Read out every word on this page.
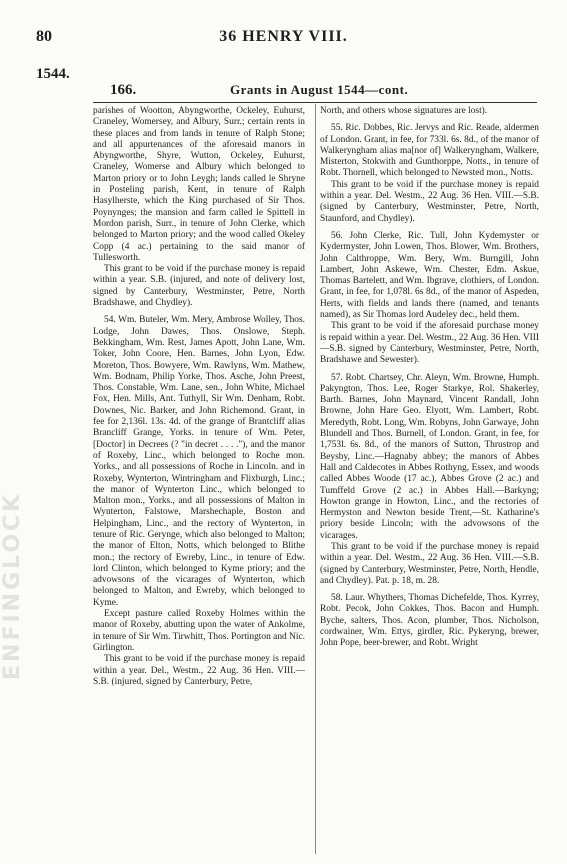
80	36 HENRY VIII.
1544.
166.	Grants in August 1544—cont.
ENFINGLOCK

parishes of Wootton, Abyngworthe, Ockeley, Euhurst, Craneley, Womersey, and Albury, Surr.; certain rents in these places and from lands in tenure of Ralph Stone; and all appurtenances of the aforesaid manors in Abyngworthe, Shyre, Wutton, Ockeley, Euhurst, Craneley, Womerse and Albury which belonged to Marton priory or to John Leygh; lands called le Shryne in Posteling parish, Kent, in tenure of Ralph Hasylherste, which the King purchased of Sir Thos. Poynynges; the mansion and farm called le Spittell in Mordon parish, Surr., in tenure of John Clerke, which belonged to Marton priory; and the wood called Okeley Copp (4 ac.) pertaining to the said manor of Tullesworth.

This grant to be void if the purchase money is repaid within a year. S.B. (injured, and note of delivery lost, signed by Canterbury, Westminster, Petre, North Bradshawe, and Chydley).

54. Wm. Buteler, Wm. Mery, Ambrose Wolley, Thos. Lodge, John Dawes, Thos. Onslowe, Steph. Bekkingham, Wm. Rest, James Apott, John Lane, Wm. Toker, John Coore, Hen. Barnes, John Lyon, Edw. Moreton, Thos. Bowyere, Wm. Rawlyns, Wm. Mathew, Wm. Bodnam, Philip Yorke, Thos. Asche, John Preest, Thos. Constable, Wm. Lane, sen., John White, Michael Fox, Hen. Mills, Ant. Tuthyll, Sir Wm. Denham, Robt. Downes, Nic. Barker, and John Richemond. Grant, in fee for 2,136l. 13s. 4d. of the grange of Brantcliff alias Brancliff Grange, Yorks. in tenure of Wm. Peter, [Doctor] in Decrees (? "in decret . . . ."), and the manor of Roxeby, Linc., which belonged to Roche mon. Yorks., and all possessions of Roche in Lincoln. and in Roxeby, Wynterton, Wintringham and Flixburgh, Linc.; the manor of Wynterton Linc., which belonged to Malton mon., Yorks., and all possessions of Malton in Wynterton, Falstowe, Marshechaple, Boston and Helpingham, Linc., and the rectory of Wynterton, in tenure of Ric. Geryngе, which also belonged to Malton; the manor of Elton, Notts, which belonged to Blithe mon.; the rectory of Ewreby, Linc., in tenure of Edw. lord Clinton, which belonged to Kyme priory; and the advowsons of the vicarages of Wynterton, which belonged to Malton, and Ewreby, which belonged to Kyme.

Except pasture called Roxeby Holmes within the manor of Roxeby, abutting upon the water of Ankolme, in tenure of Sir Wm. Tirwhitt, Thos. Portington and Nic. Girlington.

This grant to be void if the purchase money is repaid within a year. Del., Westm., 22 Aug. 36 Hen. VIII.—S.B. (injured, signed by Canterbury, Petre,

North, and others whose signatures are lost).

55. Ric. Dobbes, Ric. Jervys and Ric. Reade, aldermen of London. Grant, in fee, for 733l. 6s. 8d., of the manor of Walkeryngham alias ma[nor of] Walkeryngham, Walkere, Misterton, Stokwith and Gunthorppe, Notts., in tenure of Robt. Thornell, which belonged to Newsted mon., Notts.

This grant to be void if the purchase money is repaid within a year. Del. Westm., 22 Aug. 36 Hen. VIII.—S.B. (signed by Canterbury, Westminster, Petre, North, Staunford, and Chydley).

56. John Clerke, Ric. Tull, John Kydemyster or Kydermyster, John Lowen, Thos. Blower, Wm. Brothers, John Calthroppe, Wm. Bery, Wm. Burngill, John Lambert, John Askewe, Wm. Chester, Edm. Askue, Thomas Bartelett, and Wm. Ibgrave, clothiers, of London. Grant, in fee, for 1,078l. 6s 8d., of the manor of Aspeden, Herts, with fields and lands there (named, and tenants named), as Sir Thomas lord Audeley dec., held them.

This grant to be void if the aforesaid purchase money is repaid within a year. Del. Westm., 22 Aug. 36 Hen. VIII—S.B. signed by Canterbury, Westminster, Petre, North, Bradshawe and Sewester).

57. Robt. Chartsey, Chr. Aleyn, Wm. Browne, Humph. Pakyngton, Thos. Lee, Roger Starkye, Rol. Shakerley, Barth. Barnes, John Maynard, Vincent Randall, John Browne, John Hare Geo. Elyott, Wm. Lambert, Robt. Meredyth, Robt. Long, Wm. Robyns, John Garwaye, John Blundell and Thos. Burnell, of London. Grant, in fee, for 1,753l. 6s. 8d., of the manors of Sutton, Thrustrop and Beysby, Linc.—Hagnaby abbey; the manors of Abbes Hall and Caldecotes in Abbes Rothyng, Essex, and woods called Abbes Woode (17 ac.), Abbes Grove (2 ac.) and Tumffeld Grove (2 ac.) in Abbes Hall.—Barkyng; Howton grange in Howton, Linc., and the rectories of Hermyston and Newton beside Trent,—St. Katharine's priory beside Lincoln; with the advowsons of the vicarages.

This grant to be void if the purchase money is repaid within a year. Del. Westm., 22 Aug. 36 Hen. VIII.—S.B. (signed by Canterbury, Westminster, Petre, North, Hendle, and Chydley). Pat. p. 18, m. 28.

58. Laur. Whythers, Thomas Dichefelde, Thos. Kyrrey, Robt. Pecok, John Cokkes, Thos. Bacon and Humph. Byche, salters, Thos. Acon, plumber, Thos. Nicholson, cordwainer, Wm. Ettys, girdler, Ric. Pykeryng, brewer, John Pope, beer-brewer, and Robt. Wright
